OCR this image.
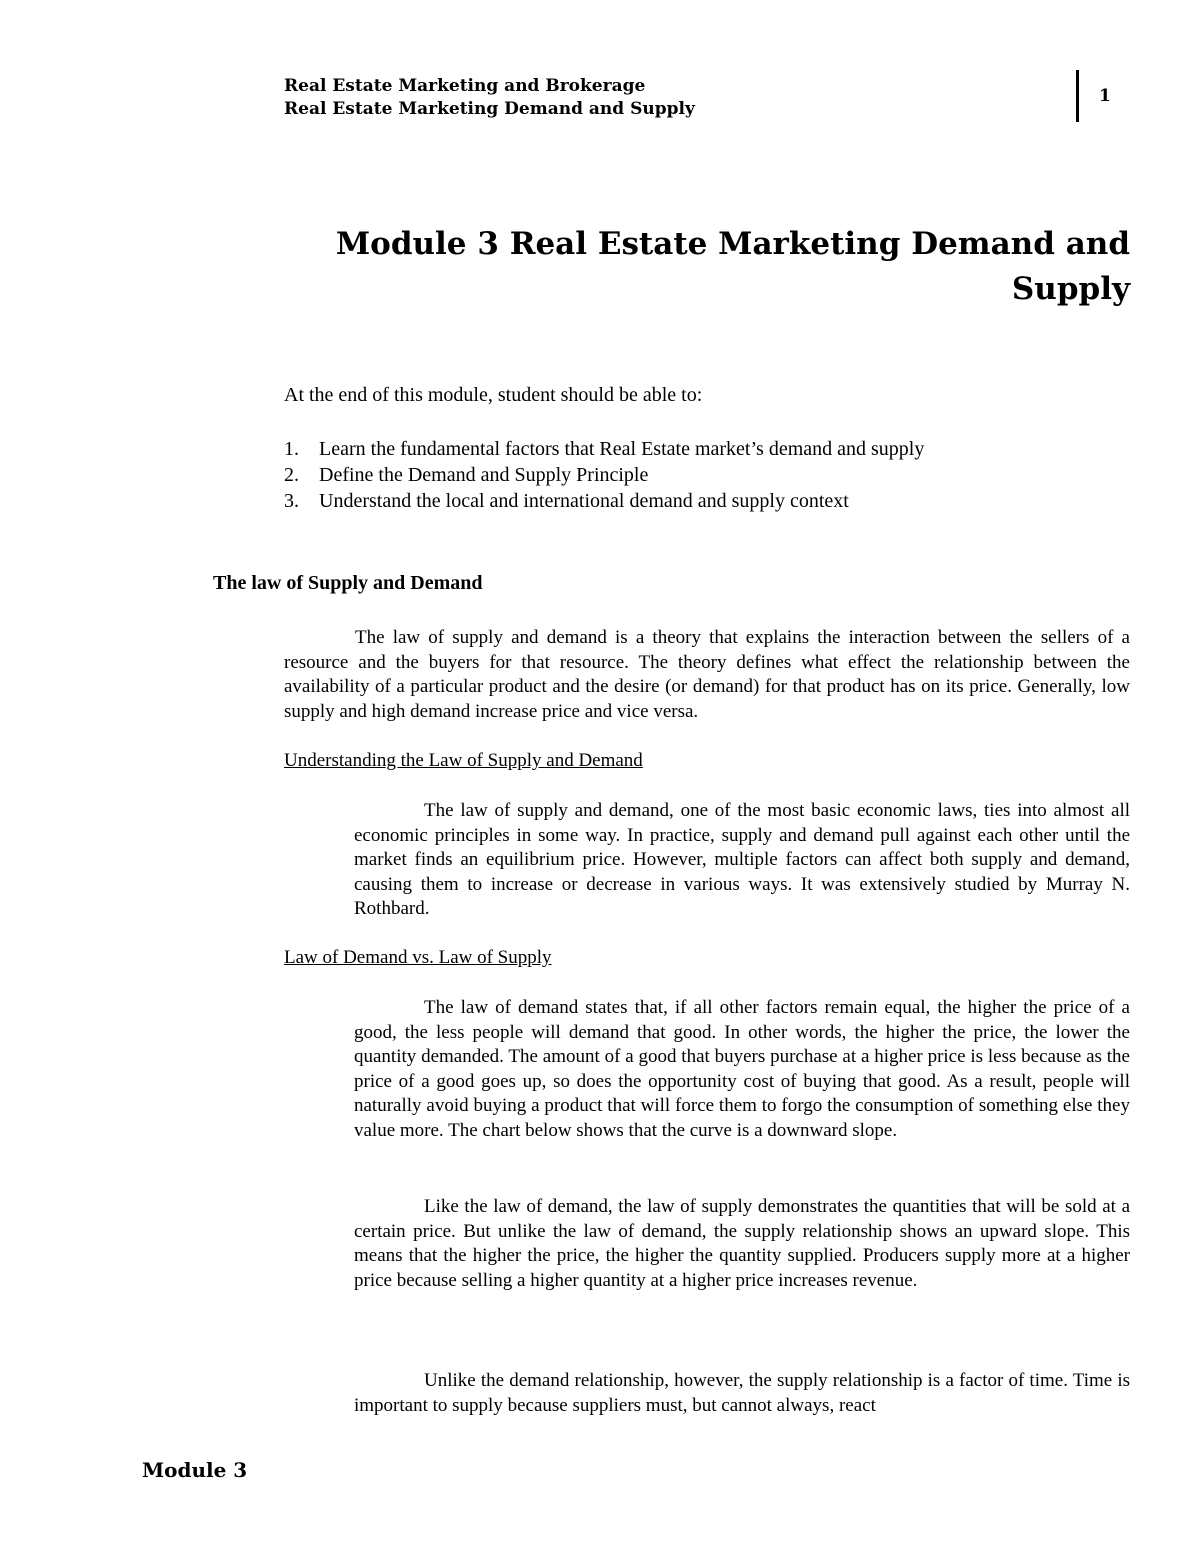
Real Estate Marketing and Brokerage
Real Estate Marketing Demand and Supply
1
Module 3 Real Estate Marketing Demand and Supply
At the end of this module, student should be able to:
1. Learn the fundamental factors that Real Estate market’s demand and supply
2. Define the Demand and Supply Principle
3. Understand the local and international demand and supply context
The law of Supply and Demand

The law of supply and demand is a theory that explains the interaction between the sellers of a resource and the buyers for that resource. The theory defines what effect the relationship between the availability of a particular product and the desire (or demand) for that product has on its price. Generally, low supply and high demand increase price and vice versa.

Understanding the Law of Supply and Demand

The law of supply and demand, one of the most basic economic laws, ties into almost all economic principles in some way. In practice, supply and demand pull against each other until the market finds an equilibrium price. However, multiple factors can affect both supply and demand, causing them to increase or decrease in various ways. It was extensively studied by Murray N. Rothbard.

Law of Demand vs. Law of Supply

The law of demand states that, if all other factors remain equal, the higher the price of a good, the less people will demand that good. In other words, the higher the price, the lower the quantity demanded. The amount of a good that buyers purchase at a higher price is less because as the price of a good goes up, so does the opportunity cost of buying that good. As a result, people will naturally avoid buying a product that will force them to forgo the consumption of something else they value more. The chart below shows that the curve is a downward slope.

Like the law of demand, the law of supply demonstrates the quantities that will be sold at a certain price. But unlike the law of demand, the supply relationship shows an upward slope. This means that the higher the price, the higher the quantity supplied. Producers supply more at a higher price because selling a higher quantity at a higher price increases revenue.

Unlike the demand relationship, however, the supply relationship is a factor of time. Time is important to supply because suppliers must, but cannot always, react

Module 3
